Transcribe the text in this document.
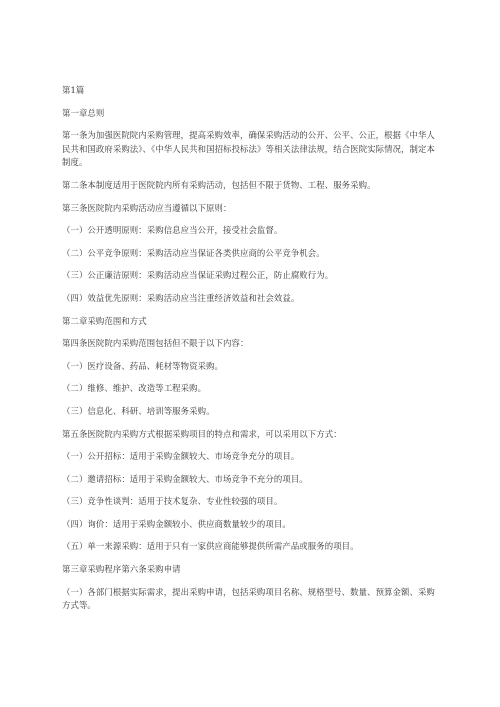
第1篇

第一章总则

第一条为加强医院院内采购管理，提高采购效率，确保采购活动的公开、公平、公正，根据《中华人民共和国政府采购法》、《中华人民共和国招标投标法》等相关法律法规，结合医院实际情况，制定本制度。

第二条本制度适用于医院院内所有采购活动，包括但不限于货物、工程、服务采购。

第三条医院院内采购活动应当遵循以下原则：

（一）公开透明原则：采购信息应当公开，接受社会监督。

（二）公平竞争原则：采购活动应当保证各类供应商的公平竞争机会。

（三）公正廉洁原则：采购活动应当保证采购过程公正，防止腐败行为。

（四）效益优先原则：采购活动应当注重经济效益和社会效益。

第二章采购范围和方式

第四条医院院内采购范围包括但不限于以下内容：

（一）医疗设备、药品、耗材等物资采购。

（二）维修、维护、改造等工程采购。

（三）信息化、科研、培训等服务采购。

第五条医院院内采购方式根据采购项目的特点和需求，可以采用以下方式：

（一）公开招标：适用于采购金额较大、市场竞争充分的项目。

（二）邀请招标：适用于采购金额较大、市场竞争不充分的项目。

（三）竞争性谈判：适用于技术复杂、专业性较强的项目。

（四）询价：适用于采购金额较小、供应商数量较少的项目。

（五）单一来源采购：适用于只有一家供应商能够提供所需产品或服务的项目。

第三章采购程序第六条采购申请

（一）各部门根据实际需求，提出采购申请，包括采购项目名称、规格型号、数量、预算金额、采购方式等。
